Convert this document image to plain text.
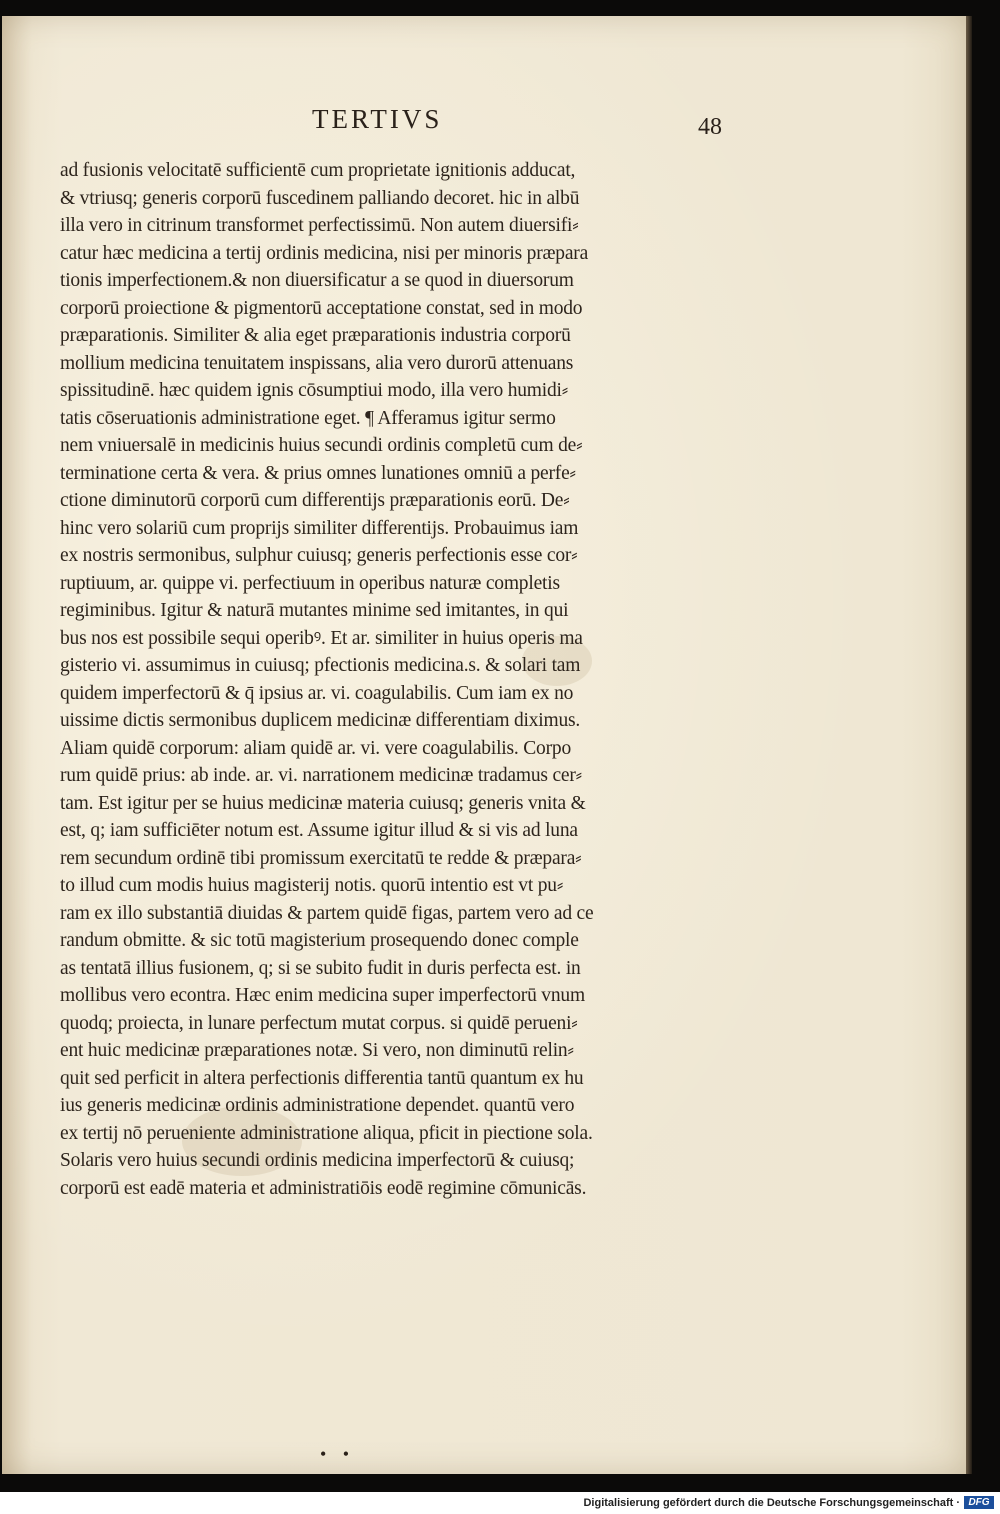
TERTIVS	48
ad fusionis velocitatē sufficientē cum proprietate ignitionis adducat,
& vtriusq; generis corporū fuscedinem palliando decoret. hic in albū
illa vero in citrinum transformet perfectissimū. Non autem diuersifi⸗
catur hæc medicina a tertij ordinis medicina, nisi per minoris præpara
tionis imperfectionem.& non diuersificatur a se quod in diuersorum
corporū proiectione & pigmentorū acceptatione constat, sed in modo
præparationis. Similiter & alia eget præparationis industria corporū
mollium medicina tenuitatem inspissans, alia vero durorū attenuans
spissitudinē. hæc quidem ignis cōsumptiui modo, illa vero humidi⸗
tatis cōseruationis administratione eget. ¶ Afferamus igitur sermo
nem vniuersalē in medicinis huius secundi ordinis completū cum de⸗
terminatione certa & vera. & prius omnes lunationes omniū a perfe⸗
ctione diminutorū corporū cum differentijs præparationis eorū. De⸗
hinc vero solariū cum proprijs similiter differentijs. Probauimus iam
ex nostris sermonibus, sulphur cuiusq; generis perfectionis esse cor⸗
ruptiuum, ar. quippe vi. perfectiuum in operibus naturæ completis
regiminibus. Igitur & naturā mutantes minime sed imitantes, in qui
bus nos est possibile sequi operibꝰ. Et ar. similiter in huius operis ma
gisterio vi. assumimus in cuiusq; pfectionis medicina.s. & solari tam
quidem imperfectorū & q̄ ipsius ar. vi. coagulabilis. Cum iam ex no
uissime dictis sermonibus duplicem medicinæ differentiam diximus.
Aliam quidē corporum: aliam quidē ar. vi. vere coagulabilis. Corpo
rum quidē prius: ab inde. ar. vi. narrationem medicinæ tradamus cer⸗
tam. Est igitur per se huius medicinæ materia cuiusq; generis vnita &
est, q; iam sufficiēter notum est. Assume igitur illud & si vis ad luna
rem secundum ordinē tibi promissum exercitatū te redde & præpara⸗
to illud cum modis huius magisterij notis. quorū intentio est vt pu⸗
ram ex illo substantiā diuidas & partem quidē figas, partem vero ad ce
randum obmitte. & sic totū magisterium prosequendo donec comple
as tentatā illius fusionem, q; si se subito fudit in duris perfecta est. in
mollibus vero econtra. Hæc enim medicina super imperfectorū vnum
quodq; proiecta, in lunare perfectum mutat corpus. si quidē perueni⸗
ent huic medicinæ præparationes notæ. Si vero, non diminutū relin⸗
quit sed perficit in altera perfectionis differentia tantū quantum ex hu
ius generis medicinæ ordinis administratione dependet. quantū vero
ex tertij nō perueniente administratione aliqua, pficit in piectione sola.
Solaris vero huius secundi ordinis medicina imperfectorū & cuiusq;
corporū est eadē materia et administratiōis eodē regimine cōmunicās.
• •
Digitalisierung gefördert durch die Deutsche Forschungsgemeinschaft · DFG
